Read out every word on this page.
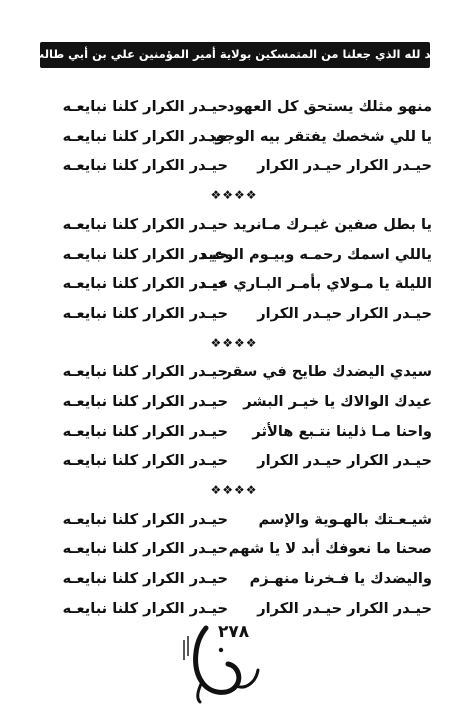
الحمد لله الذي جعلنا من المتمسكين بولاية أمير المؤمنين علي بن أبي طالب ﷺ
منهو مثلك يستحق كل العهود
حيـدر الكرار كلنا نبايعـه
يا للي شخصك يفتقر بيه الوجود
حيـدر الكرار كلنا نبايعـه
حيـدر الكرار حيـدر الكرار
حيـدر الكرار كلنا نبايعـه
❖❖❖❖
يا بطل صفين غيـرك مـانريد
حيـدر الكرار كلنا نبايعـه
ياللي اسمك رحمـه وبيـوم الوعيد
حيـدر الكرار كلنا نبايعـه
الليلة يا مـولاي بأمـر البـاري عيـد
حيـدر الكرار كلنا نبايعـه
حيـدر الكرار حيـدر الكرار
حيـدر الكرار كلنا نبايعـه
❖❖❖❖
سيدي اليضدك طايح في سقر
حيـدر الكرار كلنا نبايعـه
عيدك الوالاك يا خيـر البشر
حيـدر الكرار كلنا نبايعـه
واحنا مـا ذلينا نتـبع هالأثر
حيـدر الكرار كلنا نبايعـه
حيـدر الكرار حيـدر الكرار
حيـدر الكرار كلنا نبايعـه
❖❖❖❖
شيـعـتك بالهـوية والإسم
حيـدر الكرار كلنا نبايعـه
صحنا ما نعوفك أبد لا يا شهم
حيـدر الكرار كلنا نبايعـه
واليضدك يا فـخرنا منهـزم
حيـدر الكرار كلنا نبايعـه
حيـدر الكرار حيـدر الكرار
حيـدر الكرار كلنا نبايعـه
٢٧٨
